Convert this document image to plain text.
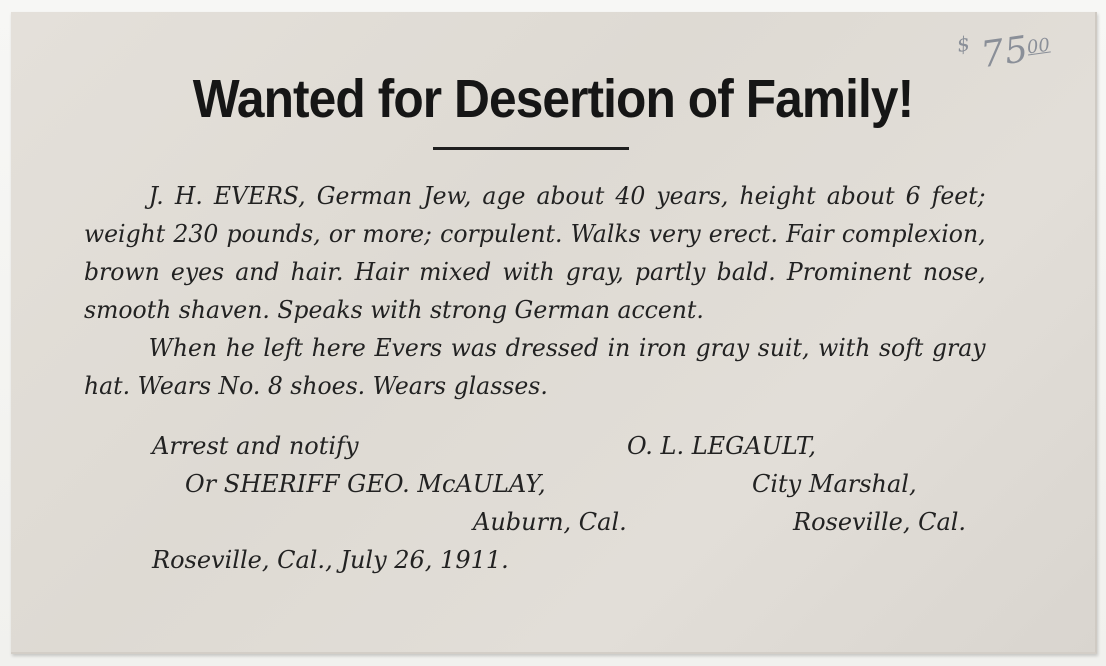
$ 75
00
Wanted for Desertion of Family!

J. H. EVERS, German Jew, age about 40 years, height about 6 feet; weight 230 pounds, or more; corpulent. Walks very erect. Fair complexion, brown eyes and hair. Hair mixed with gray, partly bald. Prominent nose, smooth shaven. Speaks with strong German accent.

When he left here Evers was dressed in iron gray suit, with soft gray hat. Wears No. 8 shoes. Wears glasses.

Arrest and notify	O. L. LEGAULT,
Or SHERIFF GEO. McAULAY,	City Marshal,
Auburn, Cal.	Roseville, Cal.
Roseville, Cal., July 26, 1911.
